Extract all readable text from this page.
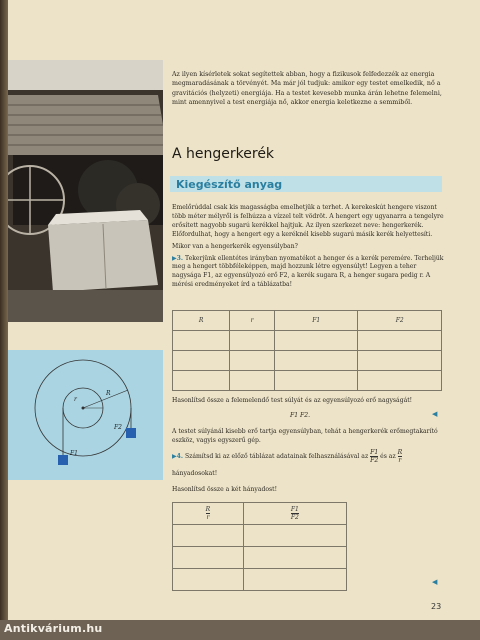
Az ilyen kísérletek sokat segítettek abban, hogy a fizikusok felfedezzék az energia megmaradásának a törvényét. Ma már jól tudjuk: amikor egy testet emelkedik, nő a gravitációs (helyzeti) energiája. Ha a testet kevesebb munka árán lehetne felemelni, mint amennyivel a test energiája nő, akkor energia keletkezne a semmiből.
A hengerkerék
Kiegészítő anyag

Emelőrúddal csak kis magasságba emelhetjük a terhet. A kerekeskút hengere viszont több méter mélyről is felhúzza a vízzel telt vödröt. A hengert egy ugyanarra a tengelyre erősített nagyobb sugarú kerékkel hajtjuk. Az ilyen szerkezet neve: hengerkerék. Előfordulhat, hogy a hengert egy a keréknél kisebb sugarú másik kerék helyettesíti.

Mikor van a hengerkerék egyensúlyban?

▶3. Tekerjünk ellentétes irányban nyomatékot a henger és a kerék peremére. Terheljük meg a hengert többféleképpen, majd hozzunk létre egyensúlyt! Legyen a teher nagysága F1, az egyensúlyozó erő F2, a kerék sugara R, a henger sugara pedig r. A mérési eredményeket írd a táblázatba!

R	r	F1	F2

r
R
F2
F1
Hasonlítsd össze a felemelendő test súlyát és az egyensúlyozó erő nagyságát!
F1 F2.	◀
A testet súlyánál kisebb erő tartja egyensúlyban, tehát a hengerkerék erőmegtakarító eszköz, vagyis egyszerű gép.
▶4. Számítsd ki az előző táblázat adatainak felhasználásával az $\frac{F1}{F2}$ és az $\frac{R}{r}$
hányadosokat!
Hasonlítsd össze a két hányadost!
$\frac{R}{r}$	$\frac{F1}{F2}$

◀
23
Antikvárium.hu
